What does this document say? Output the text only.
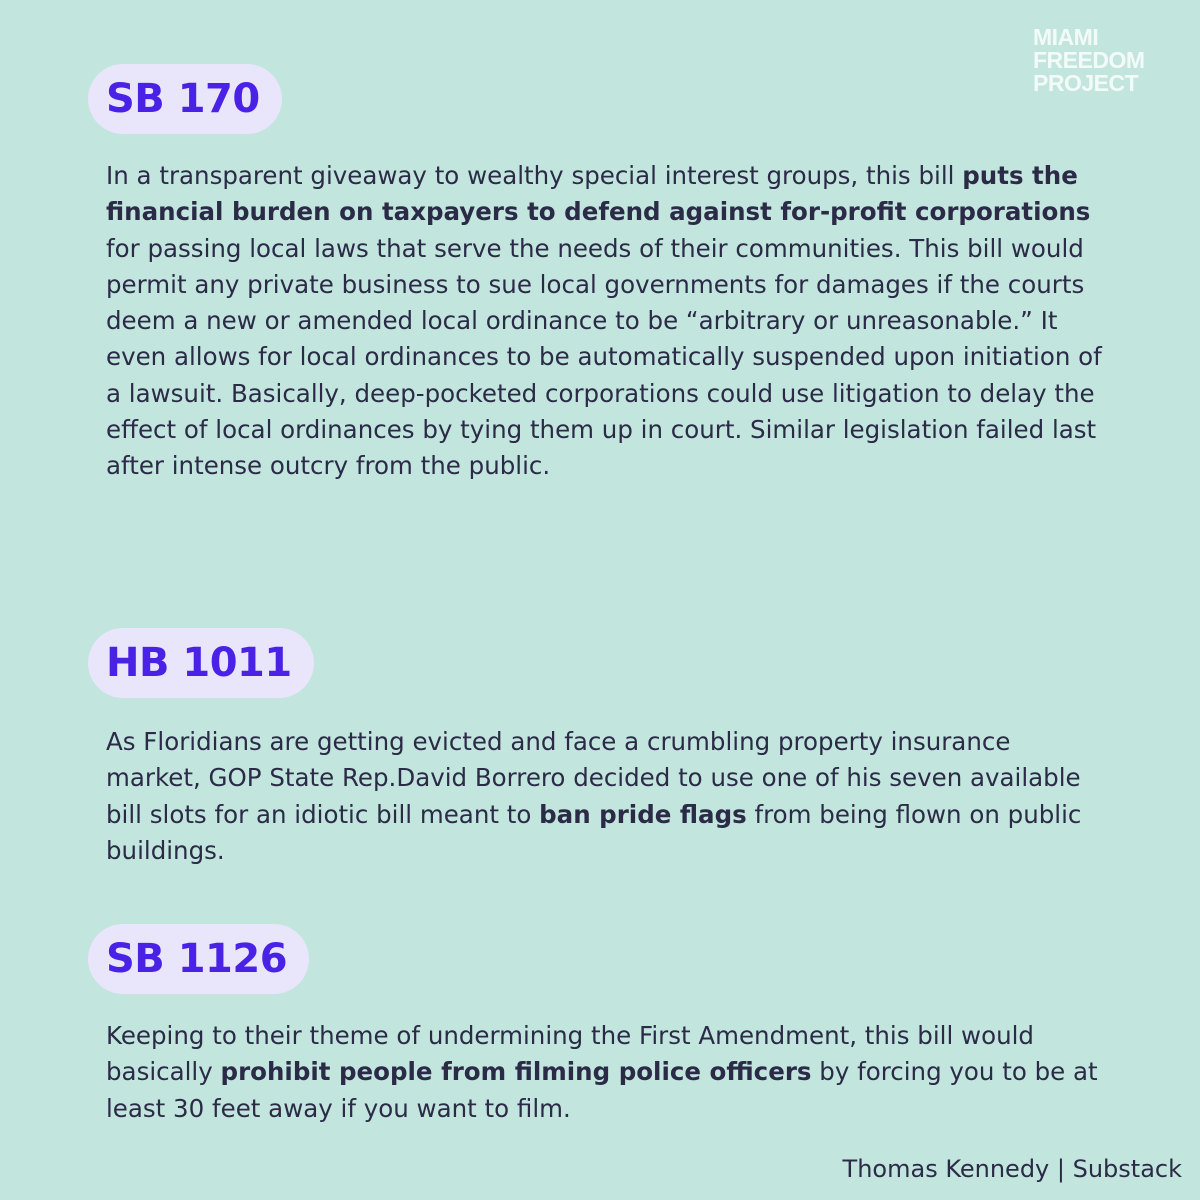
MIAMI
FREEDOM
PROJECT
SB 170

In a transparent giveaway to wealthy special interest groups, this bill puts the financial burden on taxpayers to defend against for-profit corporations for passing local laws that serve the needs of their communities. This bill would permit any private business to sue local governments for damages if the courts deem a new or amended local ordinance to be “arbitrary or unreasonable.” It even allows for local ordinances to be automatically suspended upon initiation of a lawsuit. Basically, deep-pocketed corporations could use litigation to delay the effect of local ordinances by tying them up in court. Similar legislation failed last after intense outcry from the public.

HB 1011

As Floridians are getting evicted and face a crumbling property insurance market, GOP State Rep.David Borrero decided to use one of his seven available bill slots for an idiotic bill meant to ban pride flags from being flown on public buildings.

SB 1126

Keeping to their theme of undermining the First Amendment, this bill would basically prohibit people from filming police officers by forcing you to be at least 30 feet away if you want to film.

Thomas Kennedy | Substack
